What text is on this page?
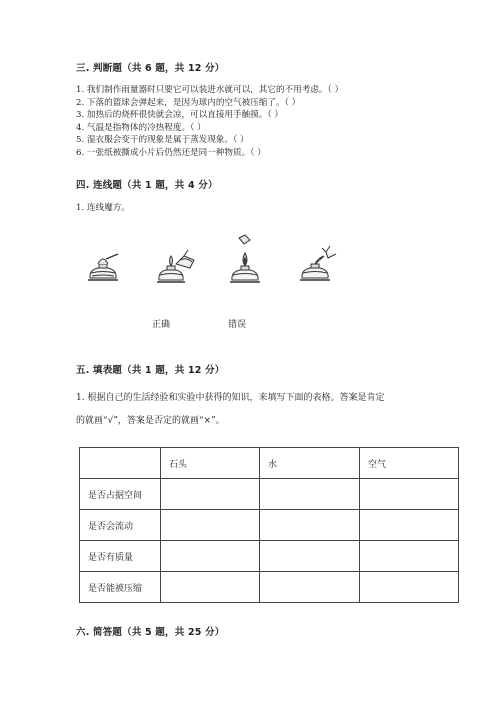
三. 判断题（共 6 题，共 12 分）
1. 我们制作雨量器时只要它可以装进水就可以，其它的不用考虑。（ ）
2. 下落的篮球会弹起来，是因为球内的空气被压缩了。（ ）
3. 加热后的烧杯很快就会凉，可以直接用手触摸。（ ）
4. 气温是指物体的冷热程度。（ ）
5. 湿衣服会变干的现象是属于蒸发现象。（ ）
6. 一张纸被撕成小片后仍然还是同一种物质。（ ）
四. 连线题（共 1 题，共 4 分）
1. 连线魔方。
正确	错误
五. 填表题（共 1 题，共 12 分）
1. 根据自己的生活经验和实验中获得的知识，来填写下面的表格。答案是肯定
的就画“√”，答案是否定的就画“×”。
	石头	水	空气
是否占据空间			
是否会流动			
是否有质量			
是否能被压缩			
六. 简答题（共 5 题，共 25 分）
